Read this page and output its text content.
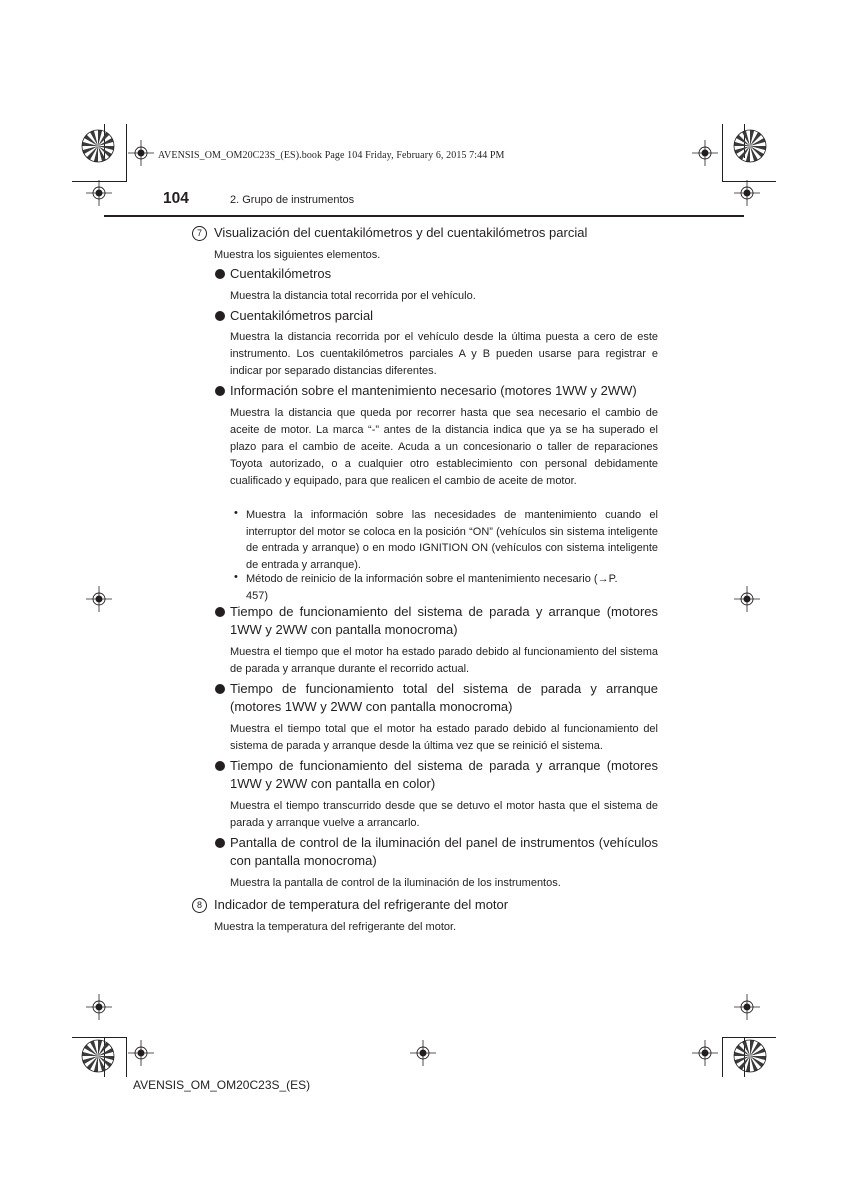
AVENSIS_OM_OM20C23S_(ES).book Page 104 Friday, February 6, 2015 7:44 PM
104	2. Grupo de instrumentos
7 Visualización del cuentakilómetros y del cuentakilómetros parcial
Muestra los siguientes elementos.
Cuentakilómetros
Muestra la distancia total recorrida por el vehículo.
Cuentakilómetros parcial
Muestra la distancia recorrida por el vehículo desde la última puesta a cero de este instrumento. Los cuentakilómetros parciales A y B pueden usarse para registrar e indicar por separado distancias diferentes.
Información sobre el mantenimiento necesario (motores 1WW y 2WW)
Muestra la distancia que queda por recorrer hasta que sea necesario el cambio de aceite de motor. La marca “-” antes de la distancia indica que ya se ha superado el plazo para el cambio de aceite. Acuda a un concesionario o taller de reparaciones Toyota autorizado, o a cualquier otro establecimiento con personal debidamente cualificado y equipado, para que realicen el cambio de aceite de motor.
• Muestra la información sobre las necesidades de mantenimiento cuando el interruptor del motor se coloca en la posición “ON” (vehículos sin sistema inteligente de entrada y arranque) o en modo IGNITION ON (vehículos con sistema inteligente de entrada y arranque).
• Método de reinicio de la información sobre el mantenimiento necesario (→P. 457)
Tiempo de funcionamiento del sistema de parada y arranque (motores 1WW y 2WW con pantalla monocroma)
Muestra el tiempo que el motor ha estado parado debido al funcionamiento del sistema de parada y arranque durante el recorrido actual.
Tiempo de funcionamiento total del sistema de parada y arranque (motores 1WW y 2WW con pantalla monocroma)
Muestra el tiempo total que el motor ha estado parado debido al funcionamiento del sistema de parada y arranque desde la última vez que se reinició el sistema.
Tiempo de funcionamiento del sistema de parada y arranque (motores 1WW y 2WW con pantalla en color)
Muestra el tiempo transcurrido desde que se detuvo el motor hasta que el sistema de parada y arranque vuelve a arrancarlo.
Pantalla de control de la iluminación del panel de instrumentos (vehículos con pantalla monocroma)
Muestra la pantalla de control de la iluminación de los instrumentos.
8 Indicador de temperatura del refrigerante del motor
Muestra la temperatura del refrigerante del motor.
AVENSIS_OM_OM20C23S_(ES)
